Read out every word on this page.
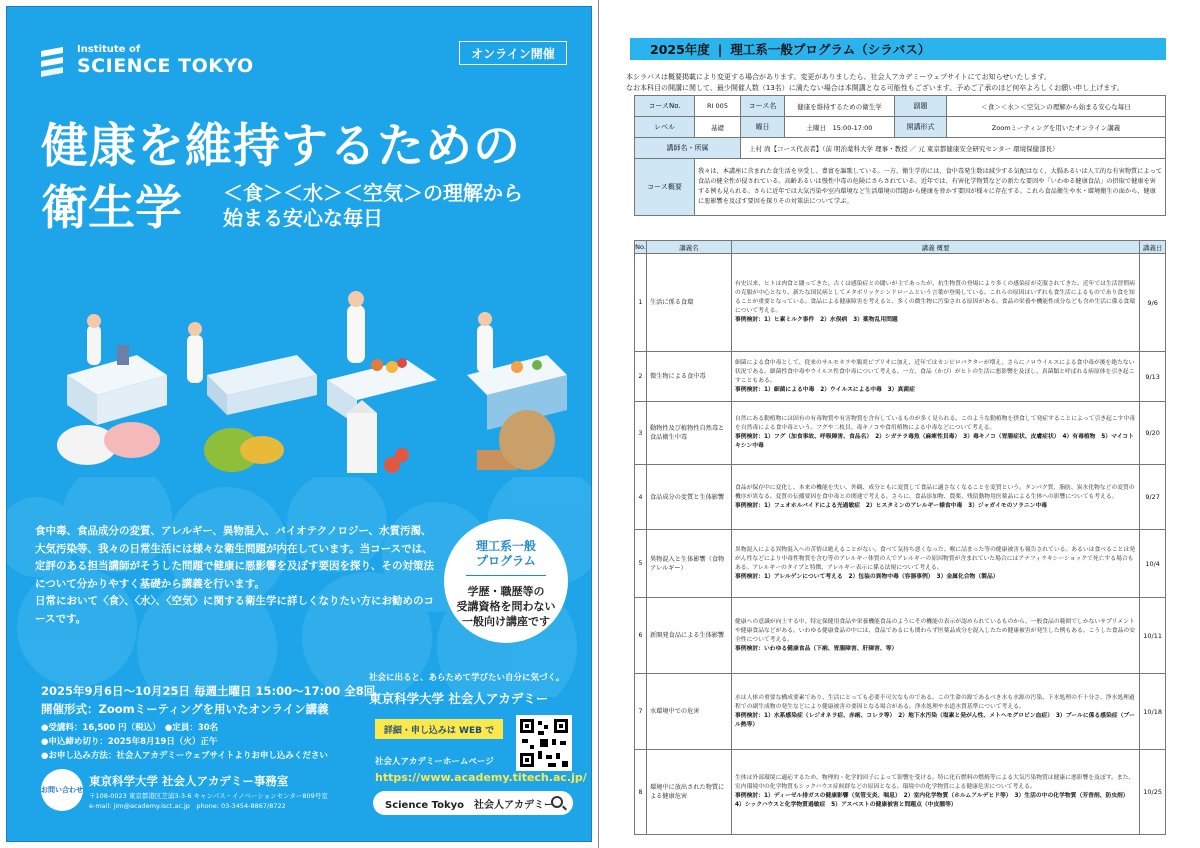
Institute of
SCIENCE TOKYO
オンライン開催
健康を維持するための
衛生学 ＜食＞＜水＞＜空気＞の理解から
始まる安心な毎日

食中毒、食品成分の変質、アレルギー、異物混入、バイオテクノロジー、水質汚濁、大気汚染等、我々の日常生活には様々な衛生問題が内在しています。当コースでは、定評のある担当講師がそうした問題で健康に悪影響を及ぼす要因を探り、その対策法について分かりやすく基礎から講義を行います。

日常において〈食〉、〈水〉、〈空気〉に関する衛生学に詳しくなりたい方にお勧めのコースです。

理工系一般
プログラム
学歴・職歴等の
受講資格を問わない
一般向け講座です
2025年9月6日〜10月25日 毎週土曜日 15:00〜17:00 全8回
開催形式：Zoomミーティングを用いたオンライン講義
●受講料：16,500 円（税込）　●定員：30名
●申込締め切り：2025年8月19日（火）正午
●お申し込み方法：社会人アカデミーウェブサイトよりお申し込みください
お問い合わせ
東京科学大学 社会人アカデミー事務室
〒108-0023 東京都港区芝浦3-3-6 キャンパス・イノベーションセンター809号室
e-mail: jim@academy.isct.ac.jp　phone: 03-3454-8867/8722
社会に出ると、あらためて学びたい自分に気づく。
東京科学大学 社会人アカデミー
詳細・申し込みは WEB で
社会人アカデミーホームページ
https://www.academy.titech.ac.jp/
Science Tokyo　社会人アカデミー
2025年度 | 理工系一般プログラム（シラバス）
本シラバスは概要掲載により変更する場合があります。変更がありましたら、社会人アカデミーウェブサイトにてお知らせいたします。
なお本科目の開講に関して、最少開催人数（13名）に満たない場合は本開講となる可能性もございます。予めご了承のほど何卒よろしくお願い申し上げます。
コースNo.	RI 005	コース名	健康を維持するための衛生学	副題	＜食＞＜水＞＜空気＞の理解から始まる安心な毎日
レベル	基礎	曜日	土曜日　15:00-17:00	開講形式	Zoomミーティングを用いたオンライン講義
講師名・所属		上村 尚【コース代表者】（前 明治薬科大学 理事・教授 ／ 元 東京都健康安全研究センター 環境保健部長）			
コース概要	我々は、本講座に含まれた食生活を享受し、豊富を謳歌している。一方、衛生学的には、食中毒発生数は減少する気配はなく、大腸あるいは人工的な有害物質によって食品の健全性が侵されている。高齢あるいは慢性中毒の危険にさらされている。近年では、有害化学物質などの新たな要因や「いわゆる健康食品」の摂取で健康を害する例も見られる。さらに近年では大気汚染や室内環境など生活環境の問題から健康を脅かす要因が様々に存在する。これら食品衛生や水・環境衛生の面から、健康に悪影響を及ぼす要因を探りその対策法について学ぶ。				
No.	講義名	講義 概要	講義日
1	生活に係る食環	有史以来、ヒトは肉食と闘ってきた。古くは感染症との闘いが主であったが、抗生物質の登場により多くの感染症が克服されてきた。近年では生活習慣病の克服が中心となり、新たな国民病としてメタボリックシンドロームという言葉が登場している。これらの原因はいずれも食生活によるものであり食を知ることが重要となっている。食品による健康障害を考えると、多くの微生物に汚染される原因がある。食品の栄養や機能性成分なども含め生活に係る食環について考える。
事例検討：1）ヒ素ミルク事件　2）水俣病　3）薬物乱用問題	9/6
2	微生物による食中毒	細菌による食中毒として、従来のサルモネラや腸炎ビブリオに加え、近年ではカンピロバクターが増え、さらにノロウイルスによる食中毒が後を絶たない状況である。細菌性食中毒やウイルス性食中毒について考える。一方、食品（かび）がヒトの生活に悪影響を及ぼし、真菌類と呼ばれる病原体を引き起こすこともある。
事例検討：1）細菌による中毒　2）ウイルスによる中毒　3）真菌症	9/13
3	動物性及び植物性自然毒と食品衛生中毒	自然にある動植物には固有の有毒物質や有害物質を含有しているものが多く見られる。このような動植物を摂食して発症することによって引き起こす中毒を自然毒による食中毒という。フグや二枚貝、毒キノコや食用植物による中毒などについて考える。
事例検討：1）フグ（加食事故、呼吸障害、食品名）　2）シガテラ毒魚（麻痺性貝毒）　3）毒キノコ（胃腸症状、皮膚症状）　4）有毒植物　5）マイコトキシン中毒	9/20
4	食品成分の変質と生体影響	食品が保存中に変化し、本来の機能を失い、外観、成分ともに変質して食品に適さなくなることを変質という。タンパク質、脂肪、炭水化物などの変質の機序が異なる。変質の伝播要因を食中毒との関連で考える。さらに、食品添加物、農薬、残留動物用医薬品による生体への影響についても考える。
事例検討：1）フェオホルバイドによる光過敏症　2）ヒスタミンのアレルギー様食中毒　3）ジャガイモのソラニン中毒	9/27
5	異物混入と生体影響（食物アレルギー）	異物混入による異物混入への苦情は絶えることがない。食べて気持ち悪くなった、喉に詰まった等の健康被害も報告されている。あるいは食べることは発がん性などにより中毒性物質を含む等のアレルギー体質の人でアレルギーの原因物質が含まれていた場合にはアナフィラキシーショックで死亡する場合もある。アレルギーのタイプと特徴、アレルギー表示に係る法規について考える。
事例検討：1）アレルゲンについて考える　2）包装の異物中毒（容器事例）　3）金属化合物（製品）	10/4
6	新開発食品による生体影響	健康への意識が向上する中、特定保健用食品や栄養機能食品のようにその機能の表示が認められているものから、一般食品の範囲でしかないサプリメントや健康食品などがある。いわゆる健康食品の中には、食品であるにも関わらず医薬品成分を混入したため健康被害が発生した例もある。こうした食品の安全性について考える。
事例検討：いわゆる健康食品（下痢、胃腸障害、肝障害、等）	10/11
7	水環境中での危害	水は人体の重要な構成要素であり、生活にとっても必要不可欠なものである。この生命の源であるべき水も水源の汚染、下水処理の不十分さ、浄水処理過程での副生成物の発生などにより健康被害の要因となる場合がある。浄水処理や水道水質基準について考える。
事例検討：1）水系感染症（レジオネラ症、赤痢、コレラ等）　2）地下水汚染（塩素と発がん性、メトヘモグロビン血症）　3）プールに係る感染症（プール熱等）	10/18
8	環境中に放出された物質による健康危害	生体は外部環境に適応するため、物理的・化学的因子によって影響を受ける。特に化石燃料の燃焼等による大気汚染物質は健康に悪影響を及ぼす。また、室内環境中の化学物質もシックハウス症候群などの原因となる。環境中の化学物質による健康危害について考える。
事例検討：1）ディーゼル排ガスの健康影響（気管支炎、喘息）　2）室内化学物質（ホルムアルデヒド等）　3）生活の中の化学物質（芳香剤、防虫剤）　4）シックハウスと化学物質過敏症　5）アスベストの健康被害と問題点（中皮腫等）	10/25
